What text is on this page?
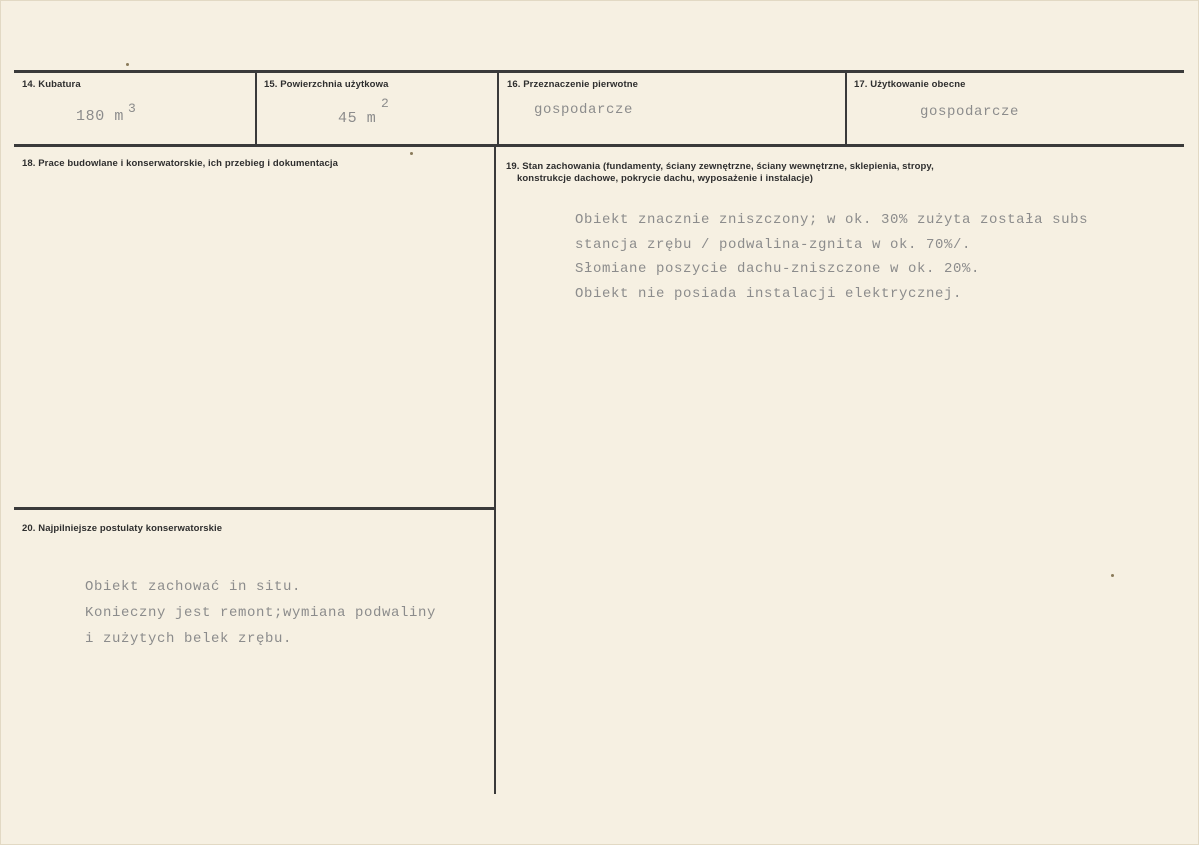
14. Kubatura
180 m 3
15. Powierzchnia użytkowa
45 m
2
16. Przeznaczenie pierwotne
gospodarcze
17. Użytkowanie obecne
gospodarcze
18. Prace budowlane i konserwatorskie, ich przebieg i dokumentacja	19. Stan zachowania (fundamenty, ściany zewnętrzne, ściany wewnętrzne, sklepienia, stropy,
konstrukcje dachowe, pokrycie dachu, wyposażenie i instalacje)
Obiekt znacznie zniszczony; w ok. 30% zużyta została subs
stancja zrębu / podwalina-zgnita w ok. 70%/.
Słomiane poszycie dachu-zniszczone w ok. 20%.
Obiekt nie posiada instalacji elektrycznej.
20. Najpilniejsze postulaty konserwatorskie
Obiekt zachować in situ.
Konieczny jest remont;wymiana podwaliny
i zużytych belek zrębu.
